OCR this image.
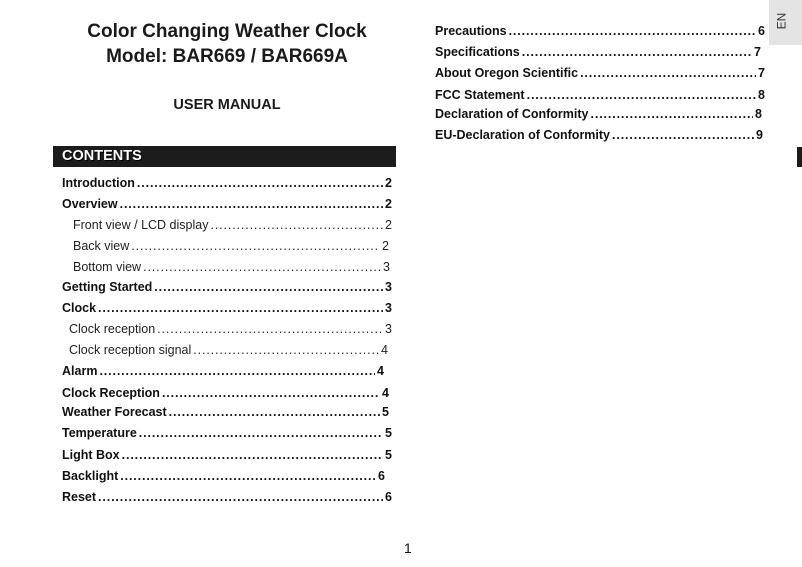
Color Changing Weather Clock
Model: BAR669 / BAR669A
USER MANUAL
CONTENTS
Introduction . . .	2
Overview . . .	2
Front view / LCD display . . .	2
Back view . . .	2
Bottom view . . .	3
Getting Started . . .	3
Clock . . .	3
Clock reception . . .	3
Clock reception signal . . .	4
Alarm . . .	4
Clock Reception . . .	4
Weather Forecast . . .	5
Temperature . . .	5
Light Box . . .	5
Backlight . . .	6
Reset . . .	6
Precautions . . .	6
Specifications . . .	7
About Oregon Scientific . . .	7
FCC Statement . . .	8
Declaration of Conformity . . .	8
EU-Declaration of Conformity . . .	9
EN
1
